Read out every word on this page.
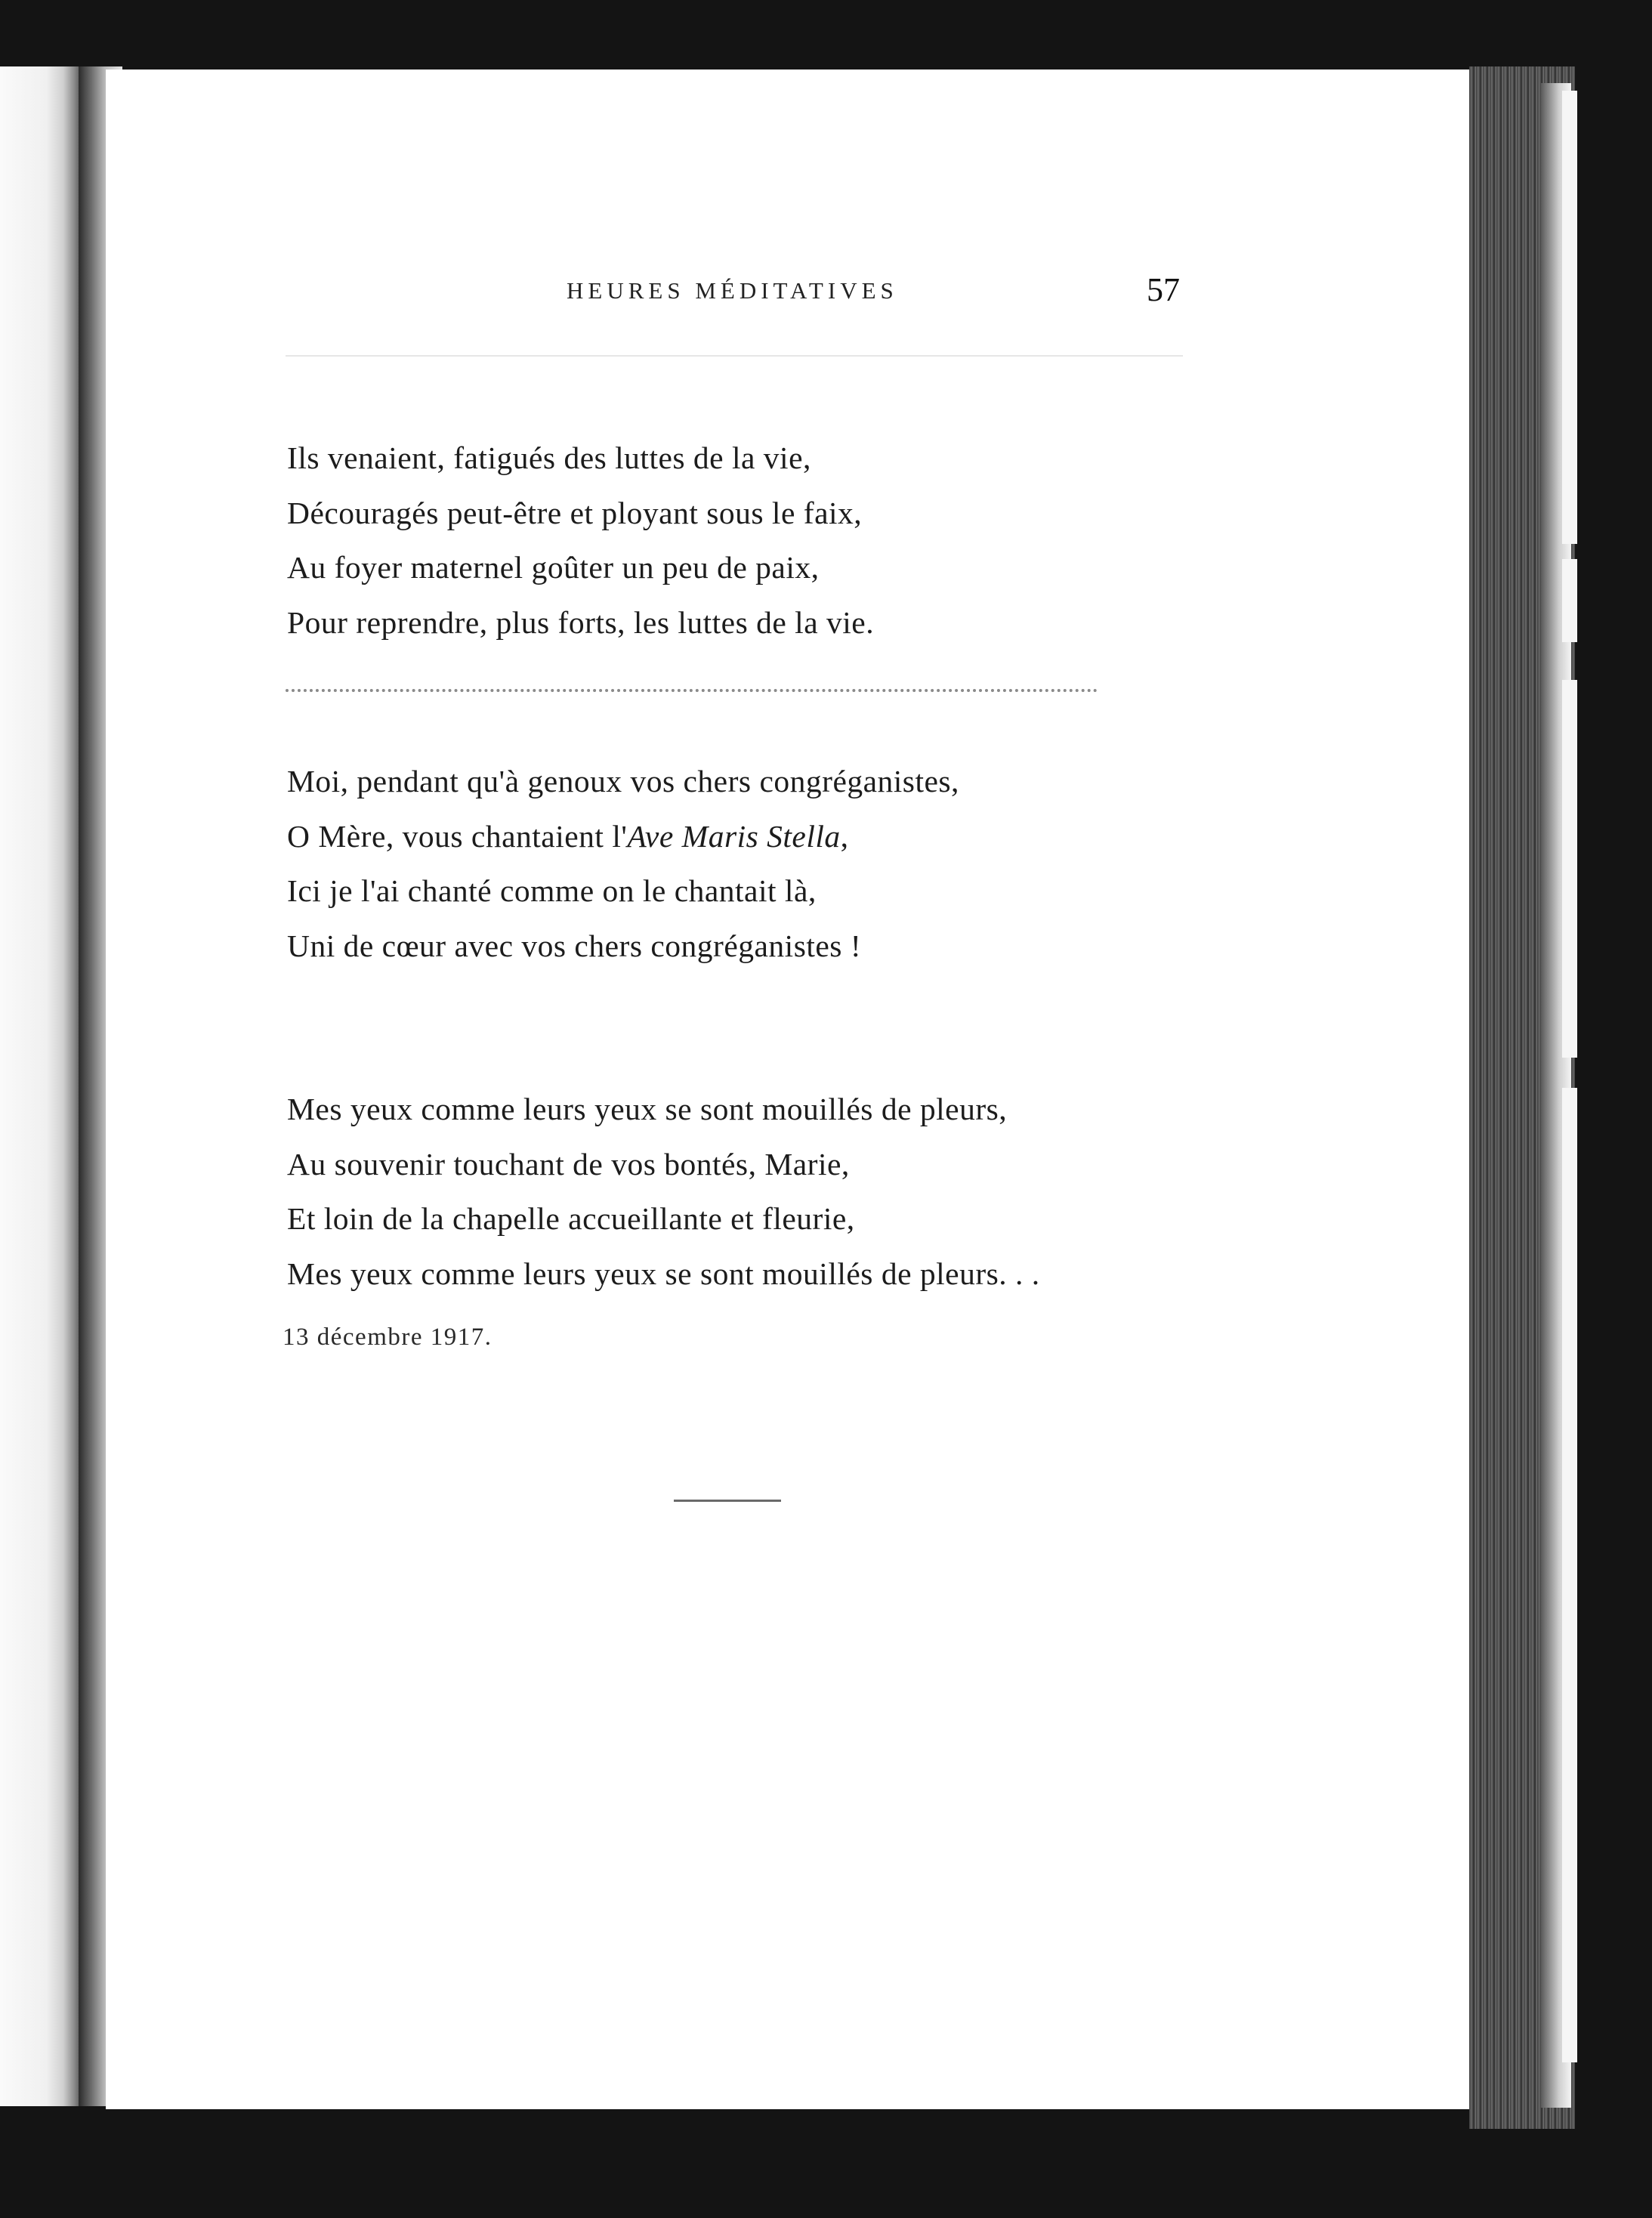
HEURES MÉDITATIVES	57
Ils venaient, fatigués des luttes de la vie,
Découragés peut-être et ployant sous le faix,
Au foyer maternel goûter un peu de paix,
Pour reprendre, plus forts, les luttes de la vie.
Moi, pendant qu'à genoux vos chers congréganistes,
O Mère, vous chantaient l'Ave Maris Stella,
Ici je l'ai chanté comme on le chantait là,
Uni de cœur avec vos chers congréganistes !
Mes yeux comme leurs yeux se sont mouillés de pleurs,
Au souvenir touchant de vos bontés, Marie,
Et loin de la chapelle accueillante et fleurie,
Mes yeux comme leurs yeux se sont mouillés de pleurs. . .
13 décembre 1917.
